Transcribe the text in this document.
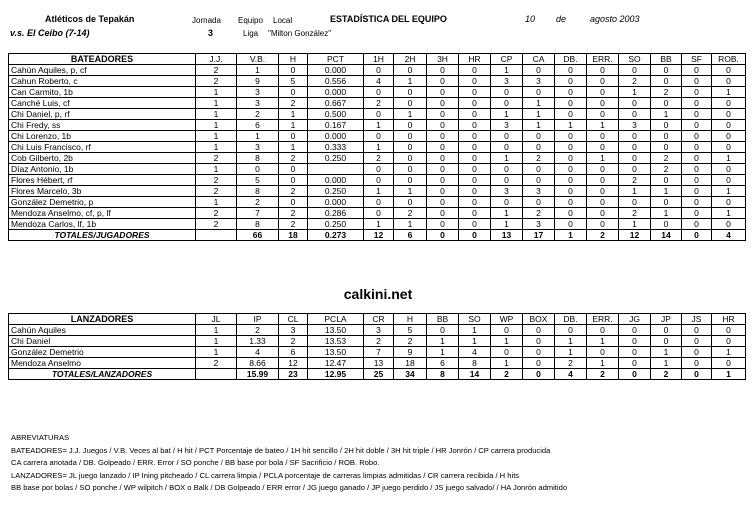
Atléticos de Tepakán	Jornada Equipo Local	ESTADÍSTICA DEL EQUIPO	10 de	agosto 2003
v.s. El Ceibo (7-14)	3	Liga "Milton González"
BATEADORES	J.J.	V.B.	H	PCT	1H	2H	3H	HR	CP	CA	DB.	ERR.	SO	BB	SF	ROB.
Cahún Aquiles, p, cf	2	1	0	0.000	0	0	0	0	1	0	0	0	0	0	0	0
Cahun Roberto, c	2	9	5	0.556	4	1	0	0	3	3	0	0	2	0	0	0
Can Carmito, 1b	1	3	0	0.000	0	0	0	0	0	0	0	0	1	2	0	1
Canché Luis, cf	1	3	2	0.667	2	0	0	0	0	1	0	0	0	0	0	0
Chi Daniel, p, rf	1	2	1	0.500	0	1	0	0	1	1	0	0	0	1	0	0
Chi Fredy, ss	1	6	1	0.167	1	0	0	0	3	1	1	1	3	0	0	0
Chi Lorenzo, 1b	1	1	0	0.000	0	0	0	0	0	0	0	0	0	0	0	0
Chi Luis Francisco, rf	1	3	1	0.333	1	0	0	0	0	0	0	0	0	0	0	0
Cob Gilberto, 2b	2	8	2	0.250	2	0	0	0	1	2	0	1	0	2	0	1
Díaz Antonio, 1b	1	0	0		0	0	0	0	0	0	0	0	0	2	0	0
Flores Hébert, rf	2	5	0	0.000	0	0	0	0	0	0	0	0	2	0	0	0
Flores Marcelo, 3b	2	8	2	0.250	1	1	0	0	3	3	0	0	1	1	0	1
González Demetrio, p	1	2	0	0.000	0	0	0	0	0	0	0	0	0	0	0	0
Mendoza Anselmo, cf, p, lf	2	7	2	0.286	0	2	0	0	1	2	0	0	2	1	0	1
Mendoza Carlos, lf, 1b	2	8	2	0.250	1	1	0	0	1	3	0	0	1	0	0	0
TOTALES/JUGADORES		66	18	0.273	12	6	0	0	13	17	1	2	12	14	0	4
calkini.net
LANZADORES	JL	IP	CL	PCLA	CR	H	BB	SO	WP	BOX	DB.	ERR.	JG	JP	JS	HR
Cahún Aquiles	1	2	3	13.50	3	5	0	1	0	0	0	0	0	0	0	0
Chi Daniel	1	1.33	2	13.53	2	2	1	1	1	0	1	1	0	0	0	0
González Demetrio	1	4	6	13.50	7	9	1	4	0	0	1	0	0	1	0	1
Mendoza Anselmo	2	8.66	12	12.47	13	18	6	8	1	0	2	1	0	1	0	0
TOTALES/LANZADORES		15.99	23	12.95	25	34	8	14	2	0	4	2	0	2	0	1
ABREVIATURAS
BATEADORES= J.J. Juegos / V.B. Veces al bat / H hit / PCT Porcentaje de bateo / 1H hit sencillo / 2H hit doble / 3H hit triple / HR Jonrón / CP carrera producida
CA carrera anotada / DB. Golpeado / ERR. Error / SO ponche / BB base por bola / SF Sacrificio / ROB. Robo.
LANZADORES= JL juego lanzado / IP Ining pitcheado / CL carrera limpia / PCLA porcentaje de carreras limpias admitidas / CR carrera recibida / H hits
BB base por bolas / SO ponche / WP wilpitch / BOX o Balk / DB Golpeado / ERR error / JG juego ganado / JP juego perdido / JS juego salvado/ / HA Jonrón admitido
